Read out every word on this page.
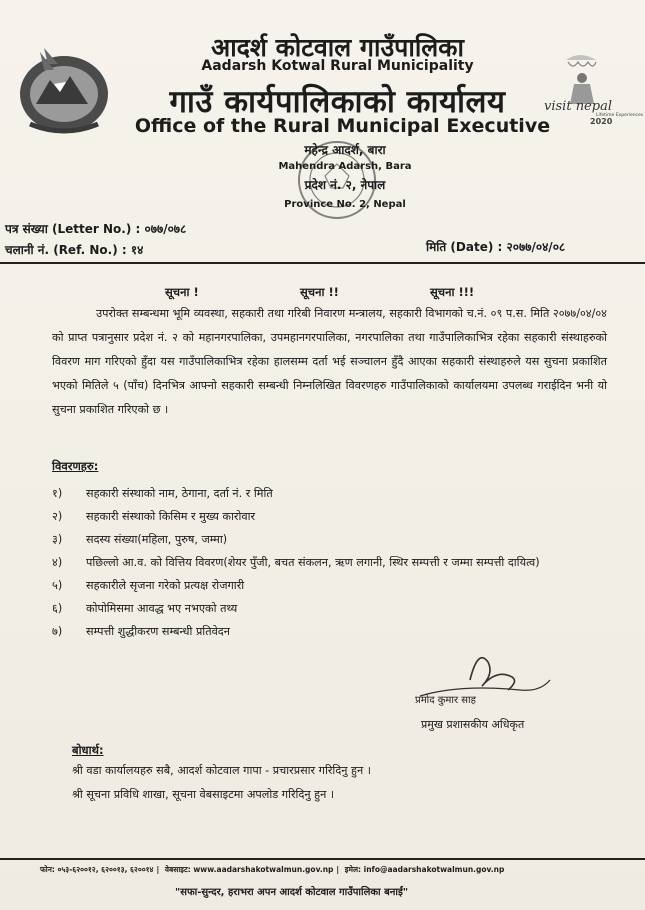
visit nepal
Lifetime Experiences
2020
आदर्श कोटवाल गाउँपालिका
Aadarsh Kotwal Rural Municipality
गाउँ कार्यपालिकाको कार्यालय
Office of the Rural Municipal Executive
महेन्द्र आदर्श, बारा
Mahendra Adarsh, Bara
प्रदेश नं. २, नेपाल
Province No. 2, Nepal
पत्र संख्या (Letter No.) : ०७७/०७८
चलानी नं. (Ref. No.) : १४	मिति (Date) : २०७७/०४/०८
सूचना !	सूचना !!	सूचना !!!

उपरोक्त सम्बन्धमा भूमि व्यवस्था, सहकारी तथा गरिबी निवारण मन्त्रालय, सहकारी विभागको च.नं. ०९ प.स. मिति २०७७/०४/०४ को प्राप्त पत्रानुसार प्रदेश नं. २ को महानगरपालिका, उपमहानगरपालिका, नगरपालिका तथा गाउँपालिकाभित्र रहेका सहकारी संस्थाहरुको विवरण माग गरिएको हुँदा यस गाउँपालिकाभित्र रहेका हालसम्म दर्ता भई सञ्चालन हुँदै आएका सहकारी संस्थाहरुले यस सुचना प्रकाशित भएको मितिले ५ (पाँच) दिनभित्र आफ्नो सहकारी सम्बन्धी निम्नलिखित विवरणहरु गाउँपालिकाको कार्यालयमा उपलब्ध गराईदिन भनी यो सुचना प्रकाशित गरिएको छ ।

विवरणहरु:
१)	सहकारी संस्थाको नाम, ठेगाना, दर्ता नं. र मिति
२)	सहकारी संस्थाको किसिम र मुख्य कारोवार
३)	सदस्य संख्या(महिला, पुरुष, जम्मा)
४)	पछिल्लो आ.व. को वित्तिय विवरण(शेयर पुँजी, बचत संकलन, ऋण लगानी, स्थिर सम्पत्ती र जम्मा सम्पत्ती दायित्व)
५)	सहकारीले सृजना गरेको प्रत्यक्ष रोजगारी
६)	कोपोमिसमा आवद्ध भए नभएको तथ्य
७)	सम्पत्ती शुद्धीकरण सम्बन्धी प्रतिवेदन
प्रमोद कुमार साह
प्रमुख प्रशासकीय अधिकृत
बोधार्थ:
श्री वडा कार्यालयहरु सबै, आदर्श कोटवाल गापा - प्रचारप्रसार गरिदिनु हुन ।
श्री सूचना प्रविधि शाखा, सूचना वेबसाइटमा अपलोड गरिदिनु हुन ।
फोन: ०५३-६२००१२, ६२००१३, ६२००१४ | वेबसाइट: www.aadarshakotwalmun.gov.np | इमेल: info@aadarshakotwalmun.gov.np
"सफा-सुन्दर, हराभरा अपन आदर्श कोटवाल गाउँपालिका बनाईं"
